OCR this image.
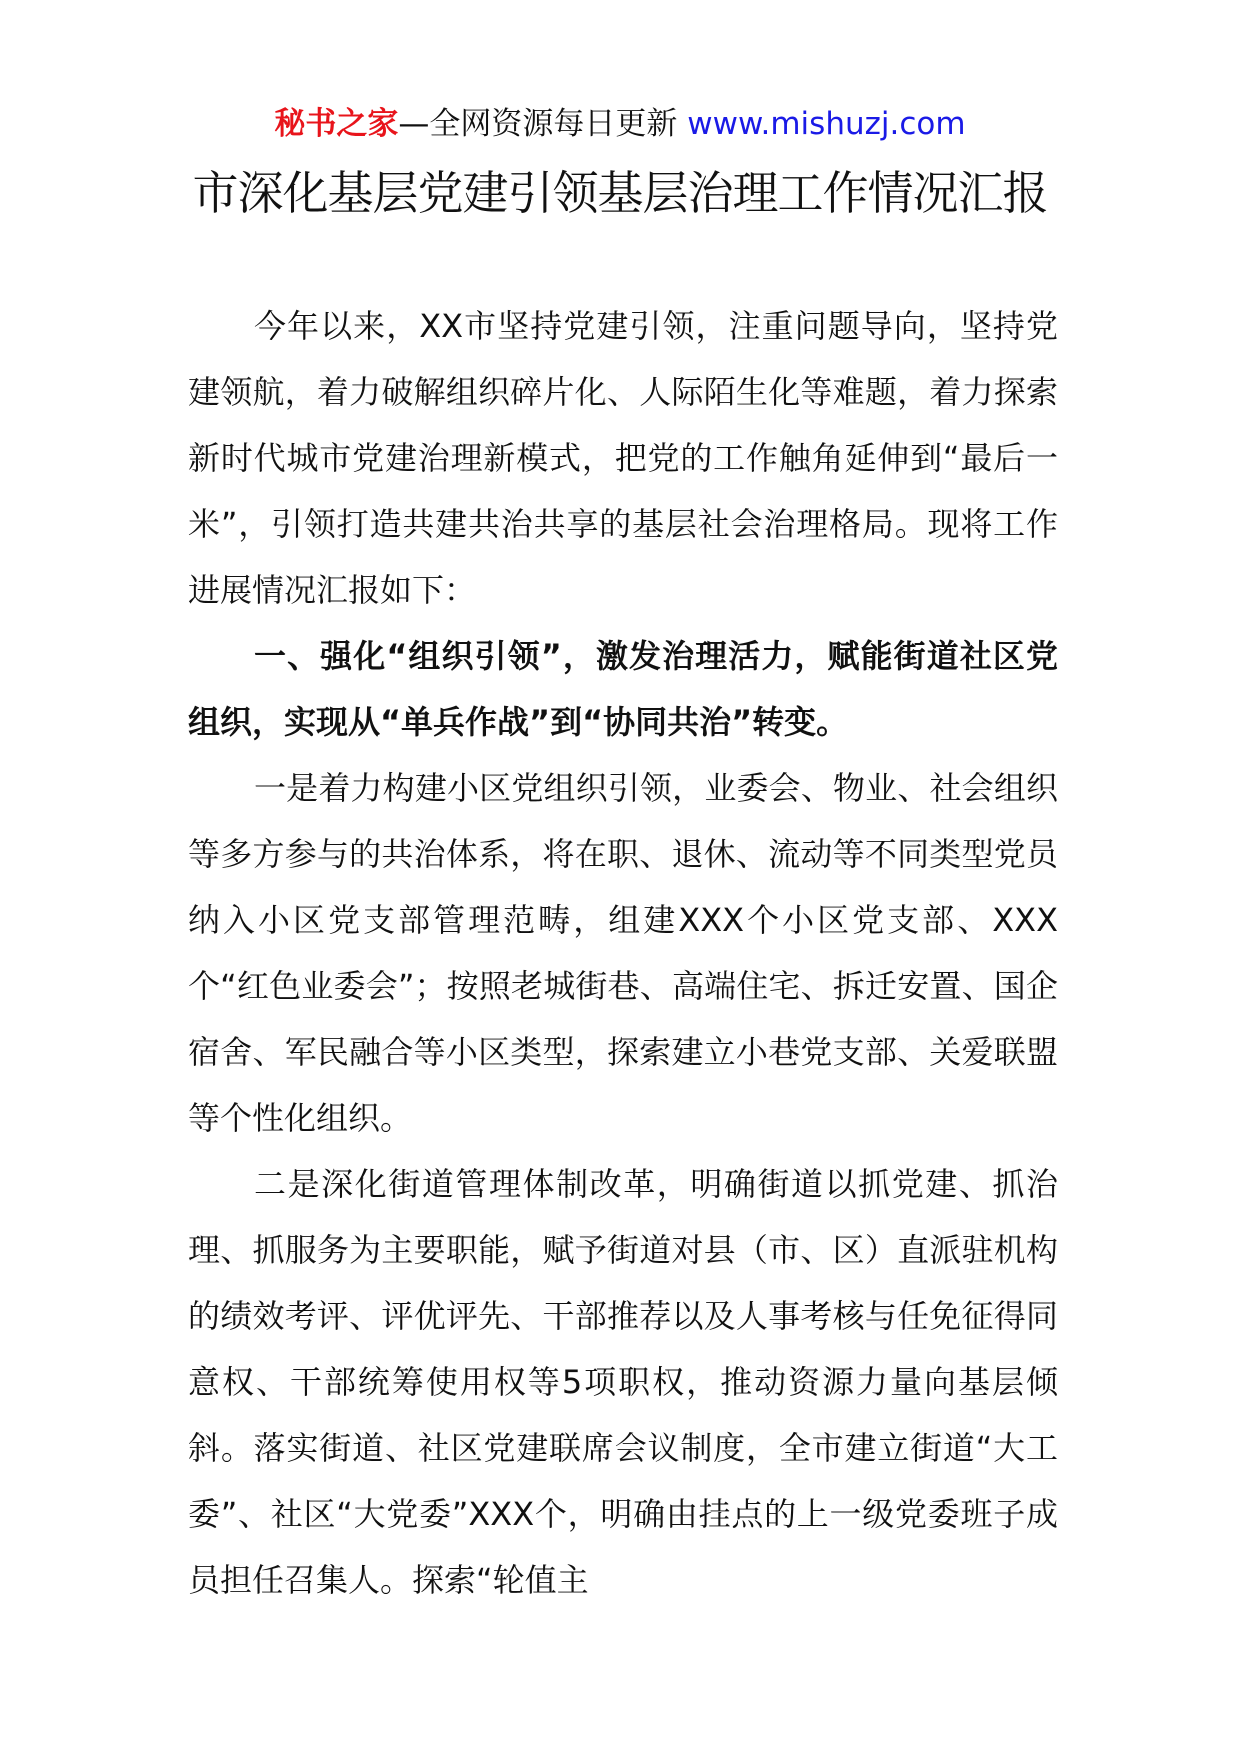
秘书之家—全网资源每日更新 www.mishuzj.com
市深化基层党建引领基层治理工作情况汇报

今年以来，XX市坚持党建引领，注重问题导向，坚持党建领航，着力破解组织碎片化、人际陌生化等难题，着力探索新时代城市党建治理新模式，把党的工作触角延伸到“最后一米”，引领打造共建共治共享的基层社会治理格局。现将工作进展情况汇报如下：

一、强化“组织引领”，激发治理活力，赋能街道社区党组织，实现从“单兵作战”到“协同共治”转变。

一是着力构建小区党组织引领，业委会、物业、社会组织等多方参与的共治体系，将在职、退休、流动等不同类型党员纳入小区党支部管理范畴，组建XXX个小区党支部、XXX个“红色业委会”；按照老城街巷、高端住宅、拆迁安置、国企宿舍、军民融合等小区类型，探索建立小巷党支部、关爱联盟等个性化组织。

二是深化街道管理体制改革，明确街道以抓党建、抓治理、抓服务为主要职能，赋予街道对县（市、区）直派驻机构的绩效考评、评优评先、干部推荐以及人事考核与任免征得同意权、干部统筹使用权等5项职权，推动资源力量向基层倾斜。落实街道、社区党建联席会议制度，全市建立街道“大工委”、社区“大党委”XXX个，明确由挂点的上一级党委班子成员担任召集人。探索“轮值主
